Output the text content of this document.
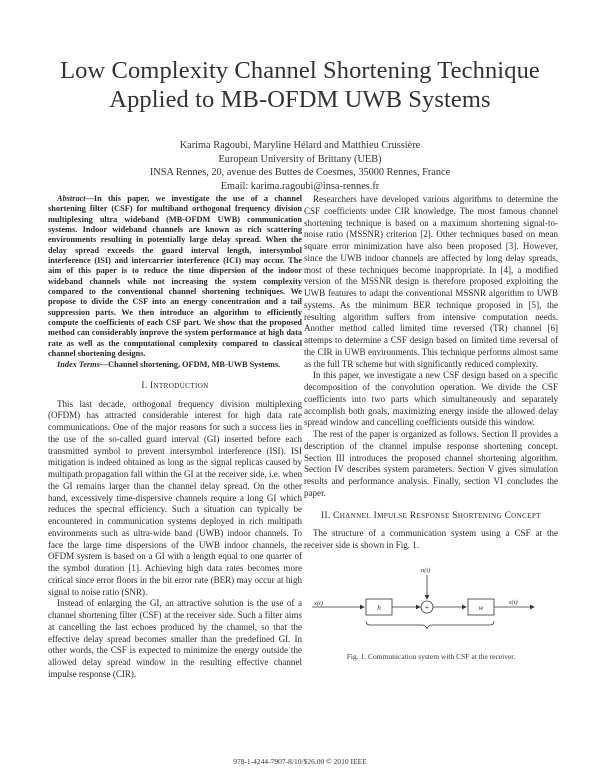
Low Complexity Channel Shortening Technique
Applied to MB-OFDM UWB Systems
Karima Ragoubi, Maryline Hélard and Matthieu Crussière
European University of Brittany (UEB)
INSA Rennes, 20, avenue des Buttes de Coesmes, 35000 Rennes, France
Email: karima.ragoubi@insa-rennes.fr

Abstract—In this paper, we investigate the use of a channel shortening filter (CSF) for multiband orthogonal frequency division multiplexing ultra wideband (MB-OFDM UWB) communication systems. Indoor wideband channels are known as rich scattering environments resulting in potentially large delay spread. When the delay spread exceeds the guard interval length, intersymbol interference (ISI) and intercarrier interference (ICI) may occur. The aim of this paper is to reduce the time dispersion of the indoor wideband channels while not increasing the system complexity compared to the conventional channel shortening techniques. We propose to divide the CSF into an energy concentration and a tail suppression parts. We then introduce an algorithm to efficiently compute the coefficients of each CSF part. We show that the proposed method can considerably improve the system performance at high data rate as well as the computational complexity compared to classical channel shortening designs.

Index Terms—Channel shortening, OFDM, MB-UWB Systems.

I. INTRODUCTION

This last decade, orthogonal frequency division multiplexing (OFDM) has attracted considerable interest for high data rate communications. One of the major reasons for such a success lies in the use of the so-called guard interval (GI) inserted before each transmitted symbol to prevent intersymbol interference (ISI). ISI mitigation is indeed obtained as long as the signal replicas caused by multipath propagation fall within the GI at the receiver side, i.e. when the GI remains larger than the channel delay spread. On the other hand, excessively time-dispersive channels require a long GI which reduces the spectral efficiency. Such a situation can typically be encountered in communication systems deployed in rich multipath environments such as ultra-wide band (UWB) indoor channels. To face the large time dispersions of the UWB indoor channels, the OFDM system is based on a GI with a length equal to one quarter of the symbol duration [1]. Achieving high data rates becomes more critical since error floors in the bit error rate (BER) may occur at high signal to noise ratio (SNR).

Instead of enlarging the GI, an attractive solution is the use of a channel shortening filter (CSF) at the receiver side. Such a filter aims at cancelling the last echoes produced by the channel, so that the effective delay spread becomes smaller than the predefined GI. In other words, the CSF is expected to minimize the energy outside the allowed delay spread window in the resulting effective channel impulse response (CIR).

Researchers have developed various algorithms to determine the CSF coefficients under CIR knowledge. The most famous channel shortening technique is based on a maximum shortening signal-to-noise ratio (MSSNR) criterion [2]. Other techniques based on mean square error minimization have also been proposed [3]. However, since the UWB indoor channels are affected by long delay spreads, most of these techniques become inappropriate. In [4], a modified version of the MSSNR design is therefore proposed exploiting the UWB features to adapt the conventional MSSNR algorithm to UWB systems. As the minimum BER technique proposed in [5], the resulting algorithm suffers from intensive computation needs. Another method called limited time reversed (TR) channel [6] attemps to determine a CSF design based on limited time reversal of the CIR in UWB environments. This technique performs almost same as the full TR scheme but with significantly reduced complexity.

In this paper, we investigate a new CSF design based on a specific decomposition of the convolution operation. We divide the CSF coefficients into two parts which simultaneously and separately accomplish both goals, maximizing energy inside the allowed delay spread window and cancelling coefficients outside this window.

The rest of the paper is organized as follows. Section II provides a description of the channel impulse response shortening concept. Section III introduces the proposed channel shortening algorithm. Section IV describes system parameters. Section V gives simulation results and performance analysis. Finally, section VI concludes the paper.

II. CHANNEL IMPULSE RESPONSE SHORTENING CONCEPT

The structure of a communication system using a CSF at the receiver side is shown in Fig. 1.

x(t)	h	+
n(t)
w
z(t)
Fig. 1. Communication system with CSF at the receiver.
978-1-4244-7907-8/10/$26.00 © 2010 IEEE
